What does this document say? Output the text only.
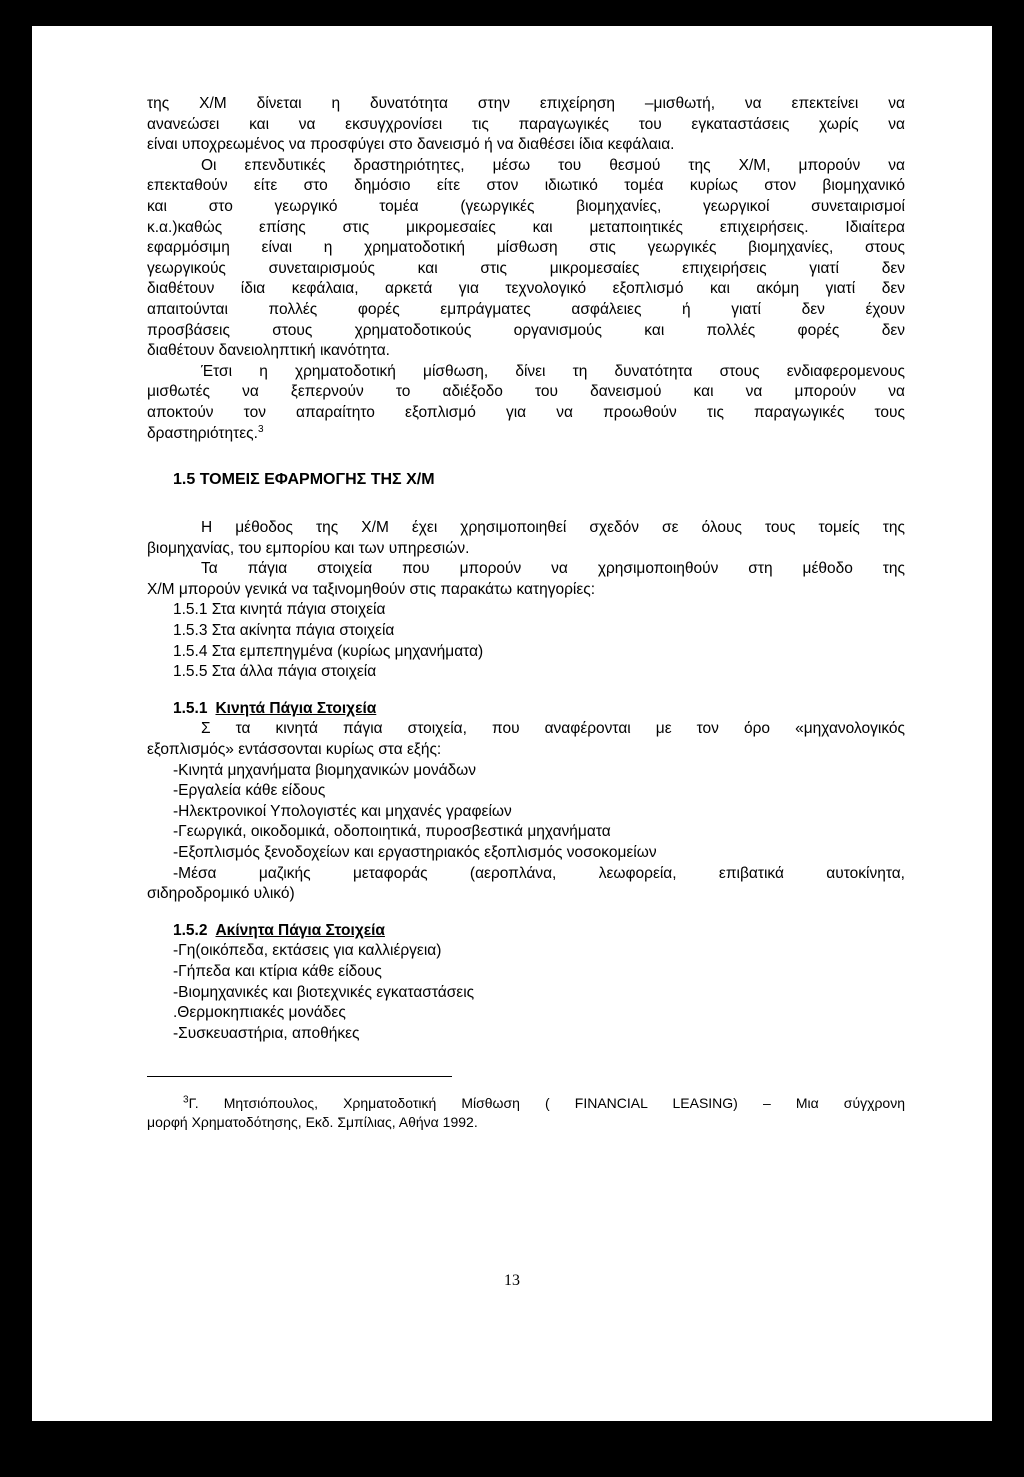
της Χ/Μ δίνεται η δυνατότητα στην επιχείρηση –μισθωτή, να επεκτείνει να

ανανεώσει και να εκσυγχρονίσει τις παραγωγικές του εγκαταστάσεις χωρίς να

είναι υποχρεωμένος να προσφύγει στο δανεισμό ή να διαθέσει ίδια κεφάλαια.

Οι επενδυτικές δραστηριότητες, μέσω του θεσμού της Χ/Μ, μπορούν να

επεκταθούν είτε στο δημόσιο είτε στον ιδιωτικό τομέα κυρίως στον βιομηχανικό

και στο γεωργικό τομέα (γεωργικές βιομηχανίες, γεωργικοί συνεταιρισμοί

κ.α.)καθώς επίσης στις μικρομεσαίες και μεταποιητικές επιχειρήσεις. Ιδιαίτερα

εφαρμόσιμη είναι η χρηματοδοτική μίσθωση στις γεωργικές βιομηχανίες, στους

γεωργικούς συνεταιρισμούς και στις μικρομεσαίες επιχειρήσεις γιατί δεν

διαθέτουν ίδια κεφάλαια, αρκετά για τεχνολογικό εξοπλισμό και ακόμη γιατί δεν

απαιτούνται πολλές φορές εμπράγματες ασφάλειες ή γιατί δεν έχουν

προσβάσεις στους χρηματοδοτικούς οργανισμούς και πολλές φορές δεν

διαθέτουν δανειοληπτική ικανότητα.

Έτσι η χρηματοδοτική μίσθωση, δίνει τη δυνατότητα στους ενδιαφερομενους

μισθωτές να ξεπερνούν το αδιέξοδο του δανεισμού και να μπορούν να

αποκτούν τον απαραίτητο εξοπλισμό για να προωθούν τις παραγωγικές τους

δραστηριότητες.$^3$

1.5 ΤΟΜΕΙΣ ΕΦΑΡΜΟΓΗΣ ΤΗΣ Χ/Μ

Η μέθοδος της Χ/Μ έχει χρησιμοποιηθεί σχεδόν σε όλους τους τομείς της

βιομηχανίας, του εμπορίου και των υπηρεσιών.

Τα πάγια στοιχεία που μπορούν να χρησιμοποιηθούν στη μέθοδο της

Χ/Μ μπορούν γενικά να ταξινομηθούν στις παρακάτω κατηγορίες:

1.5.1 Στα κινητά πάγια στοιχεία

1.5.3 Στα ακίνητα πάγια στοιχεία

1.5.4 Στα εμπεπηγμένα (κυρίως μηχανήματα)

1.5.5 Στα άλλα πάγια στοιχεία

1.5.1 Κινητά Πάγια Στοιχεία

Σ τα κινητά πάγια στοιχεία, που αναφέρονται με τον όρο «μηχανολογικός

εξοπλισμός» εντάσσονται κυρίως στα εξής:

-Κινητά μηχανήματα βιομηχανικών μονάδων

-Εργαλεία κάθε είδους

-Ηλεκτρονικοί Υπολογιστές και μηχανές γραφείων

-Γεωργικά, οικοδομικά, οδοποιητικά, πυροσβεστικά μηχανήματα

-Εξοπλισμός ξενοδοχείων και εργαστηριακός εξοπλισμός νοσοκομείων

-Μέσα μαζικής μεταφοράς (αεροπλάνα, λεωφορεία, επιβατικά αυτοκίνητα,

σιδηροδρομικό υλικό)

1.5.2 Ακίνητα Πάγια Στοιχεία

-Γη(οικόπεδα, εκτάσεις για καλλιέργεια)

-Γήπεδα και κτίρια κάθε είδους

-Βιομηχανικές και βιοτεχνικές εγκαταστάσεις

.Θερμοκηπιακές μονάδες

-Συσκευαστήρια, αποθήκες

$^3$Γ. Μητσιόπουλος, Χρηματοδοτική Μίσθωση ( FINANCIAL LEASING) – Μια σύγχρονη

μορφή Χρηματοδότησης, Εκδ. Σμπίλιας, Αθήνα 1992.

13
